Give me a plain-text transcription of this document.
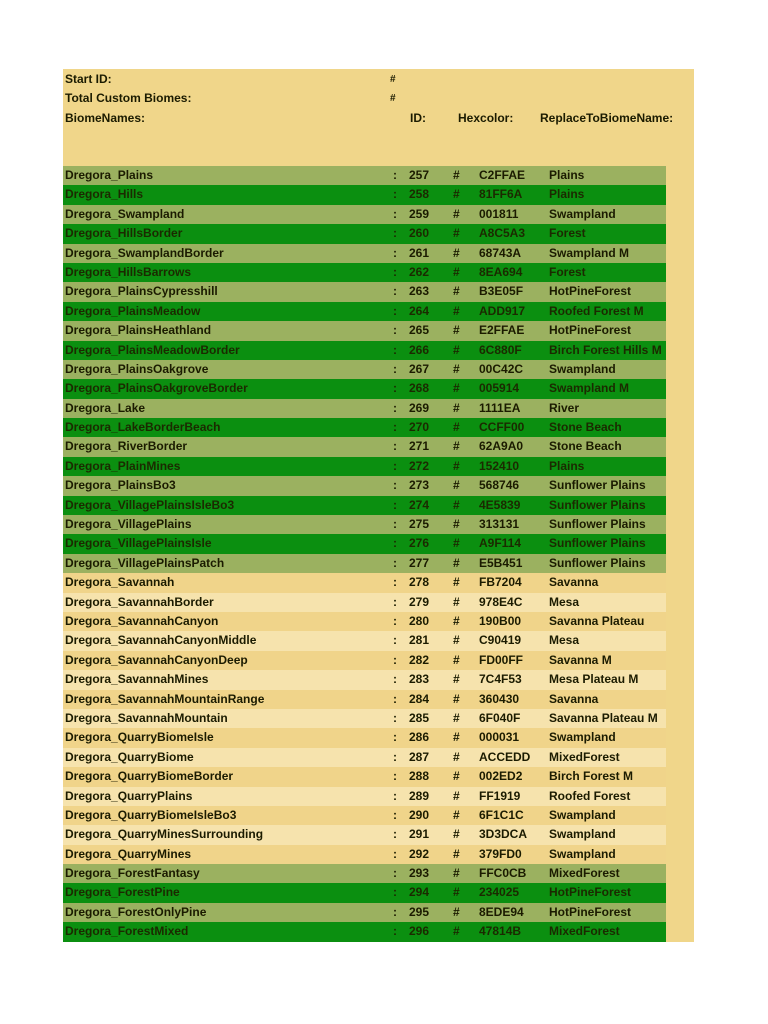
Start ID:	#
Total Custom Biomes:	#
BiomeNames:	ID:	Hexcolor: ReplaceToBiomeName:
Dregora_Plains	: 257 # C2FFAE Plains
Dregora_Hills	: 258 # 81FF6A Plains
Dregora_Swampland	: 259 # 001811	Swampland
Dregora_HillsBorder	: 260 # A8C5A3 Forest
Dregora_SwamplandBorder	: 261 # 68743A Swampland M
Dregora_HillsBarrows	: 262 # 8EA694 Forest
Dregora_PlainsCypresshill	: 263 # B3E05F HotPineForest
Dregora_PlainsMeadow	: 264 # ADD917 Roofed Forest M
Dregora_PlainsHeathland	: 265 # E2FFAE HotPineForest
Dregora_PlainsMeadowBorder	: 266 # 6C880F Birch Forest Hills M
Dregora_PlainsOakgrove	: 267 # 00C42C Swampland
Dregora_PlainsOakgroveBorder	: 268 # 005914 Swampland M
Dregora_Lake	: 269 # 1111EA River
Dregora_LakeBorderBeach	: 270 # CCFF00 Stone Beach
Dregora_RiverBorder	: 271 # 62A9A0 Stone Beach
Dregora_PlainMines	: 272 # 152410 Plains
Dregora_PlainsBo3	: 273 # 568746 Sunflower Plains
Dregora_VillagePlainsIsleBo3	: 274 # 4E5839 Sunflower Plains
Dregora_VillagePlains	: 275 # 313131 Sunflower Plains
Dregora_VillagePlainsIsle	: 276 # A9F114 Sunflower Plains
Dregora_VillagePlainsPatch	: 277 # E5B451 Sunflower Plains
Dregora_Savannah	: 278 # FB7204 Savanna
Dregora_SavannahBorder	: 279 # 978E4C Mesa
Dregora_SavannahCanyon	: 280 # 190B00 Savanna Plateau
Dregora_SavannahCanyonMiddle	: 281 # C90419 Mesa
Dregora_SavannahCanyonDeep	: 282 # FD00FF Savanna M
Dregora_SavannahMines	: 283 # 7C4F53 Mesa Plateau M
Dregora_SavannahMountainRange	: 284 # 360430 Savanna
Dregora_SavannahMountain	: 285 # 6F040F Savanna Plateau M
Dregora_QuarryBiomeIsle	: 286 # 000031 Swampland
Dregora_QuarryBiome	: 287 # ACCEDD MixedForest
Dregora_QuarryBiomeBorder	: 288 # 002ED2 Birch Forest M
Dregora_QuarryPlains	: 289 # FF1919 Roofed Forest
Dregora_QuarryBiomeIsleBo3	: 290 # 6F1C1C Swampland
Dregora_QuarryMinesSurrounding	: 291 # 3D3DCA Swampland
Dregora_QuarryMines	: 292 # 379FD0 Swampland
Dregora_ForestFantasy	: 293 # FFC0CB MixedForest
Dregora_ForestPine	: 294 # 234025 HotPineForest
Dregora_ForestOnlyPine	: 295 # 8EDE94 HotPineForest
Dregora_ForestMixed	: 296 # 47814B MixedForest
